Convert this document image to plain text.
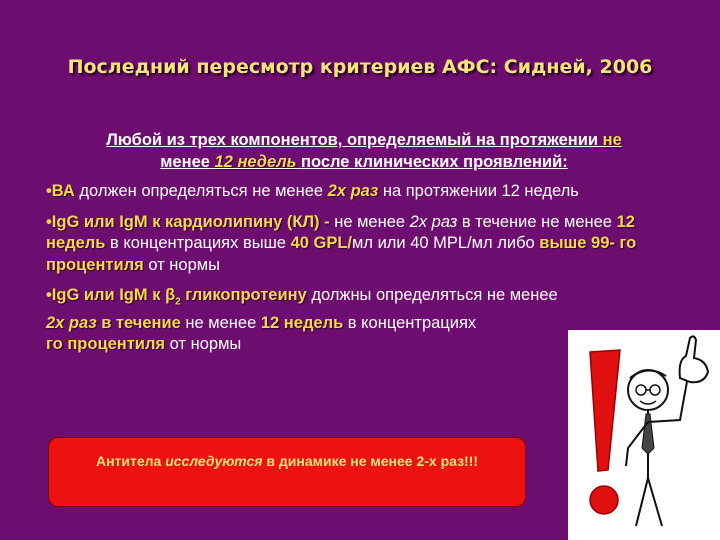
Последний пересмотр критериев АФС: Сидней, 2006

Любой из трех компонентов, определяемый на протяжении не
менее 12 недель после клинических проявлений:

•ВА должен определяться не менее 2х раз на протяжении 12 недель

•IgG или IgM к кардиолипину (КЛ) - не менее 2х раз в течение не менее 12 недель в концентрациях выше 40 GPL/мл или 40 MPL/мл либо выше 99- го процентиля от нормы

•IgG или IgM к $\beta_2$ гликопротеину должны определяться не менее
2х раз в течение не менее 12 недель в концентрациях
го процентиля от нормы

Антитела исследуются в динамике не менее 2-х раз!!!
